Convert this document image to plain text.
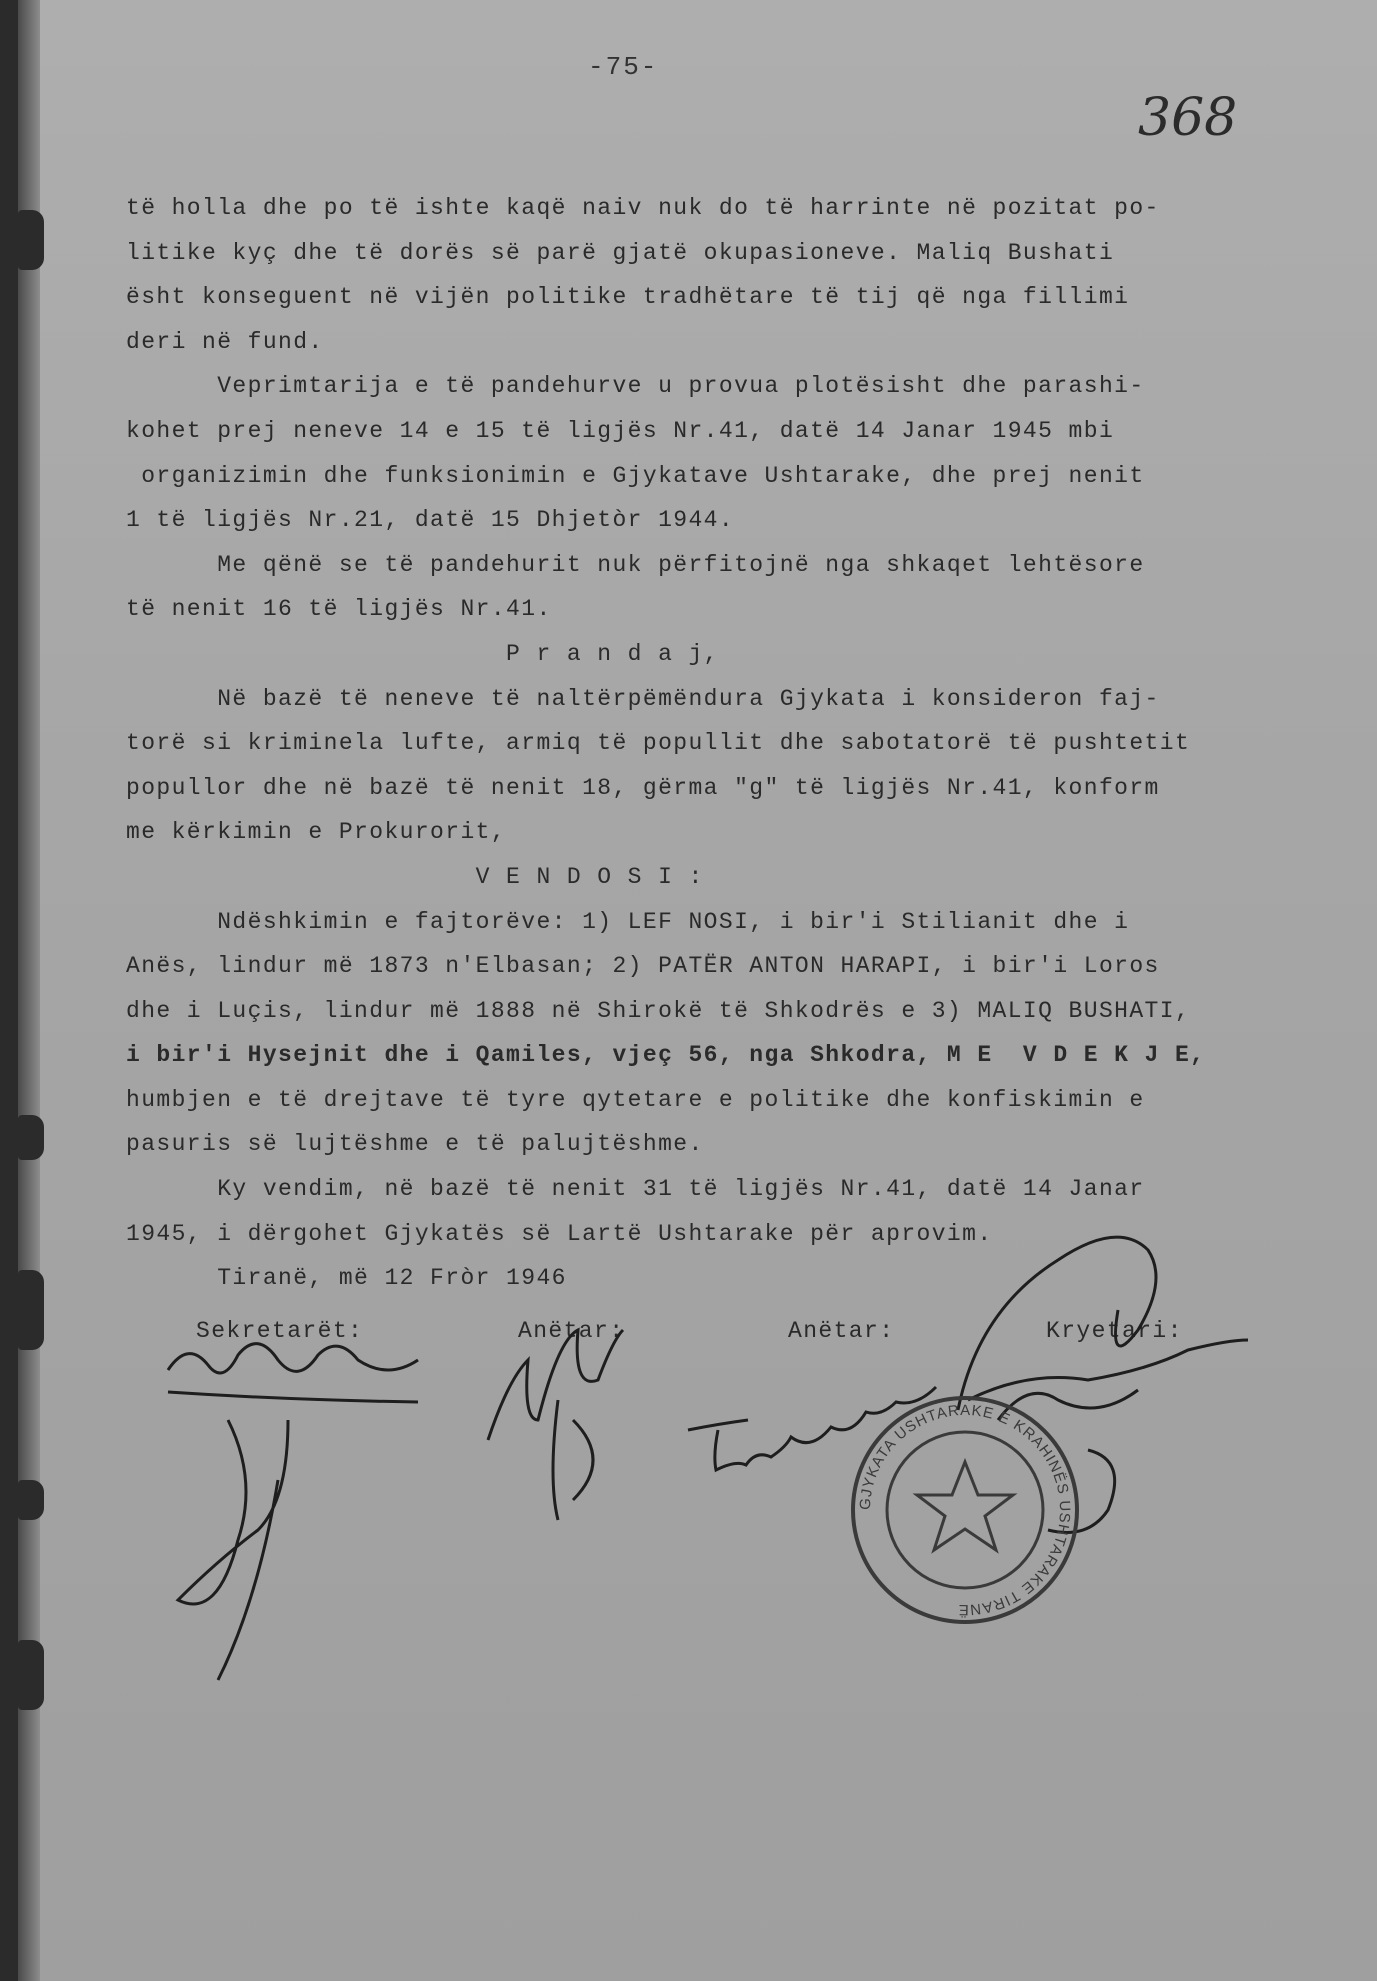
-75-
368
të holla dhe po të ishte kaqë naiv nuk do të harrinte në pozitat po-
litike kyç dhe të dorës së parë gjatë okupasioneve. Maliq Bushati
ësht konseguent në vijën politike tradhëtare të tij që nga fillimi
deri në fund.
Veprimtarija e të pandehurve u provua plotësisht dhe parashi-
kohet prej neneve 14 e 15 të ligjës Nr.41, datë 14 Janar 1945 mbi
organizimin dhe funksionimin e Gjykatave Ushtarake, dhe prej nenit
1 të ligjës Nr.21, datë 15 Dhjetòr 1944.
Me qënë se të pandehurit nuk përfitojnë nga shkaqet lehtësore
të nenit 16 të ligjës Nr.41.
P r a n d a j,
Në bazë të neneve të naltërpëmëndura Gjykata i konsideron faj-
torë si kriminela lufte, armiq të popullit dhe sabotatorë të pushtetit
popullor dhe në bazë të nenit 18, gërma "g" të ligjës Nr.41, konform
me kërkimin e Prokurorit,
V E N D O S I :
Ndëshkimin e fajtorëve: 1) LEF NOSI, i bir'i Stilianit dhe i
Anës, lindur më 1873 n'Elbasan; 2) PATËR ANTON HARAPI, i bir'i Loros
dhe i Luçis, lindur më 1888 në Shirokë të Shkodrës e 3) MALIQ BUSHATI,
i bir'i Hysejnit dhe i Qamiles, vjeç 56, nga Shkodra, M E  V D E K J E,
humbjen e të drejtave të tyre qytetare e politike dhe konfiskimin e
pasuris së lujtëshme e të palujtëshme.
Ky vendim, në bazë të nenit 31 të ligjës Nr.41, datë 14 Janar
1945, i dërgohet Gjykatës së Lartë Ushtarake për aprovim.
Tiranë, më 12 Fròr 1946
Sekretarët:	Anëtar:	Anëtar:	Kryetari:
GJYKATA USHTARAKE E KRAHINËS USHTARAKE TIRANË
